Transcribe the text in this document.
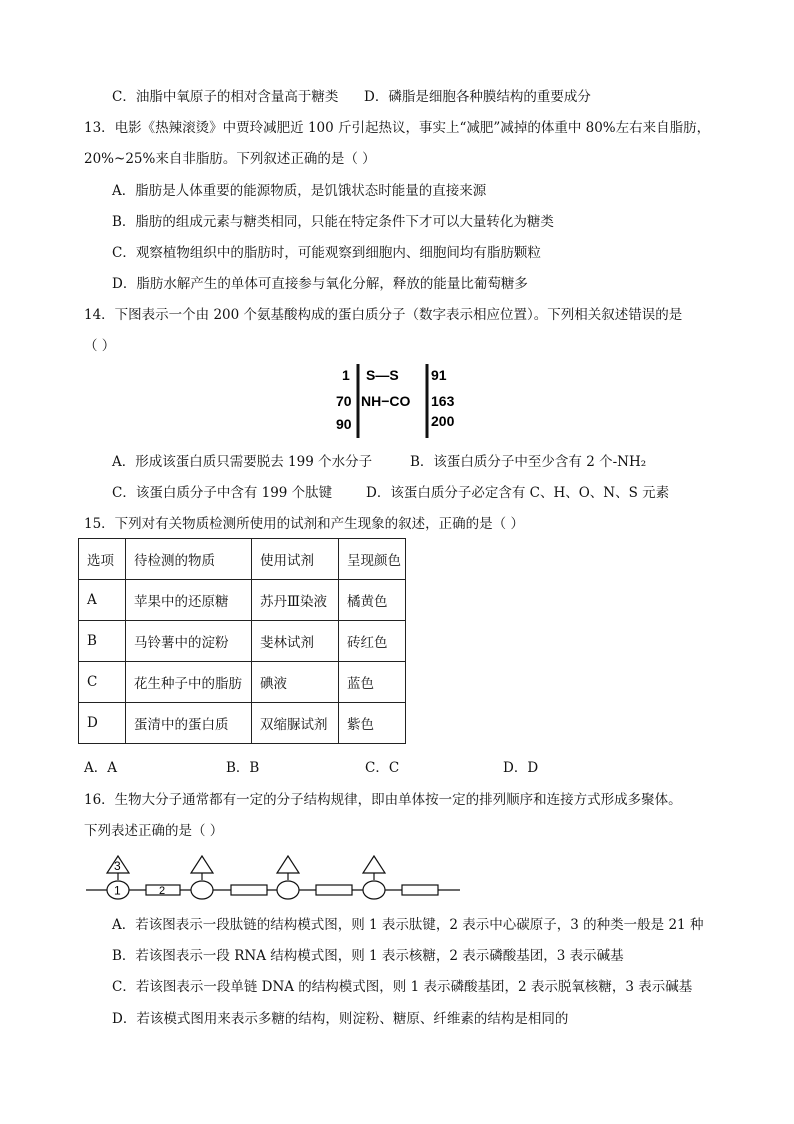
C．油脂中氧原子的相对含量高于糖类 D．磷脂是细胞各种膜结构的重要成分
13．电影《热辣滚烫》中贾玲减肥近 100 斤引起热议，事实上“减肥”减掉的体重中 80%左右来自脂肪，
20%~25%来自非脂肪。下列叙述正确的是（ ）
A．脂肪是人体重要的能源物质，是饥饿状态时能量的直接来源
B．脂肪的组成元素与糖类相同，只能在特定条件下才可以大量转化为糖类
C．观察植物组织中的脂肪时，可能观察到细胞内、细胞间均有脂肪颗粒
D．脂肪水解产生的单体可直接参与氧化分解，释放的能量比葡萄糖多
14．下图表示一个由 200 个氨基酸构成的蛋白质分子（数字表示相应位置）。下列相关叙述错误的是
（ ）
1 S—S 91
70 NH−CO 163
90	200
A．形成该蛋白质只需要脱去 199 个水分子	B．该蛋白质分子中至少含有 2 个-NH₂
C．该蛋白质分子中含有 199 个肽键	D．该蛋白质分子必定含有 C、H、O、N、S 元素
15．下列对有关物质检测所使用的试剂和产生现象的叙述，正确的是（ ）
选项	待检测的物质	使用试剂	呈现颜色
A	苹果中的还原糖	苏丹Ⅲ染液	橘黄色
B	马铃薯中的淀粉	斐林试剂	砖红色
C	花生种子中的脂肪	碘液	蓝色
D	蛋清中的蛋白质	双缩脲试剂	紫色
A．A	B．B	C．C	D．D
16．生物大分子通常都有一定的分子结构规律，即由单体按一定的排列顺序和连接方式形成多聚体。
下列表述正确的是（ ）
3
1	2
A．若该图表示一段肽链的结构模式图，则 1 表示肽键，2 表示中心碳原子，3 的种类一般是 21 种
B．若该图表示一段 RNA 结构模式图，则 1 表示核糖，2 表示磷酸基团，3 表示碱基
C．若该图表示一段单链 DNA 的结构模式图，则 1 表示磷酸基团，2 表示脱氧核糖，3 表示碱基
D．若该模式图用来表示多糖的结构，则淀粉、糖原、纤维素的结构是相同的
